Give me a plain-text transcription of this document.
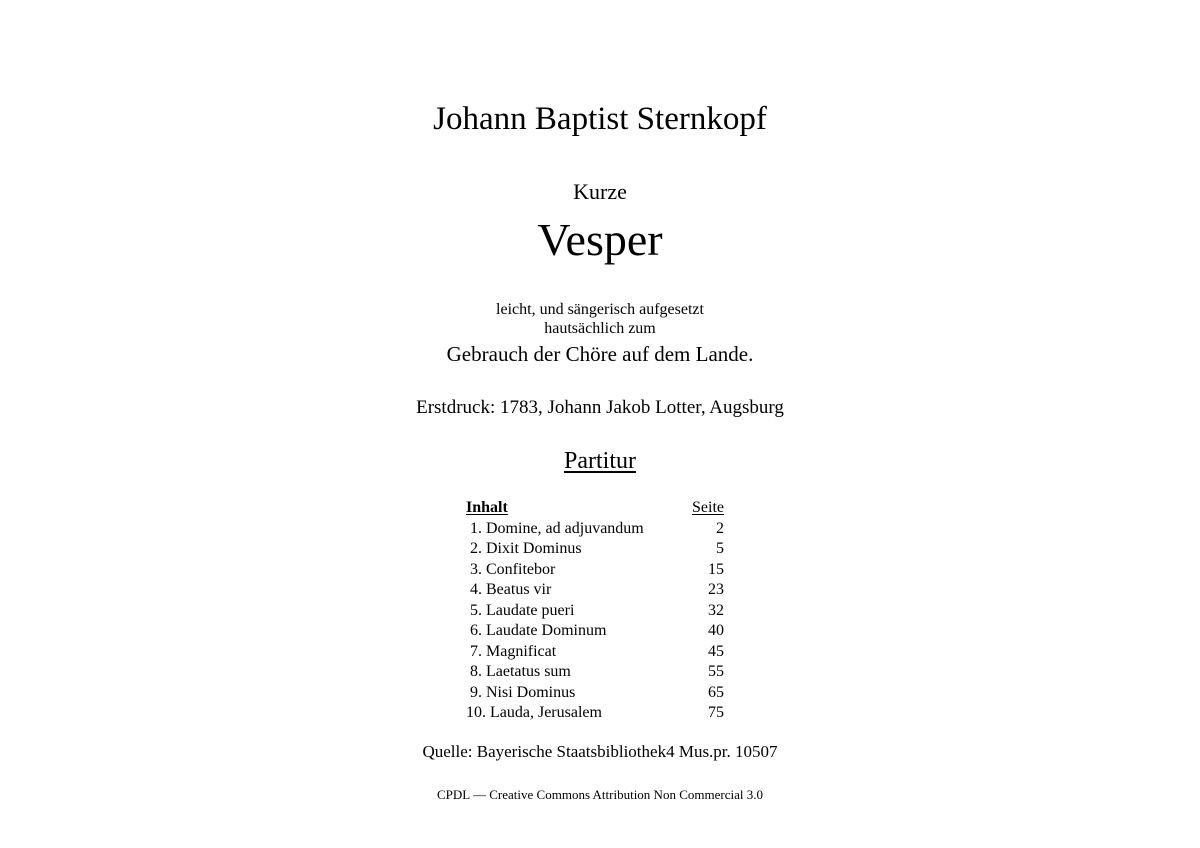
Johann Baptist Sternkopf
Kurze
Vesper
leicht, und sängerisch aufgesetzt
hautsächlich zum
Gebrauch der Chöre auf dem Lande.
Erstdruck: 1783, Johann Jakob Lotter, Augsburg
Partitur
Inhalt	Seite
1. Domine, ad adjuvandum	2
2. Dixit Dominus	5
3. Confitebor	15
4. Beatus vir	23
5. Laudate pueri	32
6. Laudate Dominum	40
7. Magnificat	45
8. Laetatus sum	55
9. Nisi Dominus	65
10. Lauda, Jerusalem	75
Quelle: Bayerische Staatsbibliothek4 Mus.pr. 10507
CPDL — Creative Commons Attribution Non Commercial 3.0
